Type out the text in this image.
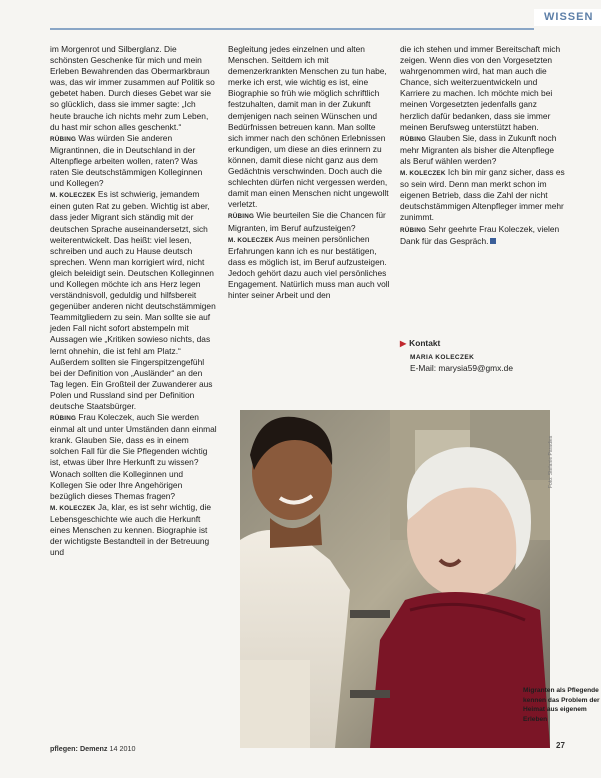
WISSEN

im Morgenrot und Silberglanz. Die schönsten Geschenke für mich und mein Erleben Bewahrenden das Obermarkbraun was, das wir immer zusammen auf Politik so gebetet haben. Durch dieses Gebet war sie so glücklich, dass sie immer sagte: „Ich heute brauche ich nichts mehr zum Leben, du hast mir schon alles geschenkt.“

RÜBING Was würden Sie anderen Migrantinnen, die in Deutschland in der Altenpflege arbeiten wollen, raten? Was raten Sie deutschstämmigen Kolleginnen und Kollegen?

M. KOLECZEK Es ist schwierig, jemandem einen guten Rat zu geben. Wichtig ist aber, dass jeder Migrant sich ständig mit der deutschen Sprache auseinandersetzt, sich weiterentwickelt. Das heißt: viel lesen, schreiben und auch zu Hause deutsch sprechen. Wenn man korrigiert wird, nicht gleich beleidigt sein. Deutschen Kolleginnen und Kollegen möchte ich ans Herz legen verständnisvoll, geduldig und hilfsbereit gegenüber anderen nicht deutschstämmigen Teammitgliedern zu sein. Man sollte sie auf jeden Fall nicht sofort abstempeln mit Aussagen wie „Kritiken sowieso nichts, das lernt ohnehin, die ist fehl am Platz.“ Außerdem sollten sie Fingerspitzengefühl bei der Definition von „Ausländer“ an den Tag legen. Ein Großteil der Zuwanderer aus Polen und Russland sind per Definition deutsche Staatsbürger.

RÜBING Frau Koleczek, auch Sie werden einmal alt und unter Umständen dann einmal krank. Glauben Sie, dass es in einem solchen Fall für die Sie Pflegenden wichtig ist, etwas über Ihre Herkunft zu wissen? Wonach sollten die Kolleginnen und Kollegen Sie oder Ihre Angehörigen bezüglich dieses Themas fragen?

M. KOLECZEK Ja, klar, es ist sehr wichtig, die Lebensgeschichte wie auch die Herkunft eines Menschen zu kennen. Biographie ist der wichtigste Bestandteil in der Betreuung und

Begleitung jedes einzelnen und alten Menschen. Seitdem ich mit demenzerkrankten Menschen zu tun habe, merke ich erst, wie wichtig es ist, eine Biographie so früh wie möglich schriftlich festzuhalten, damit man in der Zukunft demjenigen nach seinen Wünschen und Bedürfnissen betreuen kann. Man sollte sich immer nach den schönen Erlebnissen erkundigen, um diese an dies erinnern zu können, damit diese nicht ganz aus dem Gedächtnis verschwinden. Doch auch die schlechten dürfen nicht vergessen werden, damit man einen Menschen nicht ungewollt verletzt.

RÜBING Wie beurteilen Sie die Chancen für Migranten, im Beruf aufzusteigen?

M. KOLECZEK Aus meinen persönlichen Erfahrungen kann ich es nur bestätigen, dass es möglich ist, im Beruf aufzusteigen. Jedoch gehört dazu auch viel persönliches Engagement. Natürlich muss man auch voll hinter seiner Arbeit und den

die ich stehen und immer Bereitschaft mich zeigen. Wenn dies von den Vorgesetzten wahrgenommen wird, hat man auch die Chance, sich weiterzuentwickeln und Karriere zu machen. Ich möchte mich bei meinen Vorgesetzten jedenfalls ganz herzlich dafür bedanken, dass sie immer meinen Berufsweg unterstützt haben.

RÜBING Glauben Sie, dass in Zukunft noch mehr Migranten als bisher die Altenpflege als Beruf wählen werden?

M. KOLECZEK Ich bin mir ganz sicher, dass es so sein wird. Denn man merkt schon im eigenen Betrieb, dass die Zahl der nicht deutschstämmigen Altenpfleger immer mehr zunimmt.

RÜBING Sehr geehrte Frau Koleczek, vielen Dank für das Gespräch.

▶ Kontakt
MARIA KOLECZEK
E-Mail: marysia59@gmx.de
Foto: Stefanie Paradies
Migranten als Pflegende kennen das Problem der Heimat aus eigenem Erleben
pflegen: Demenz 14 2010	27
